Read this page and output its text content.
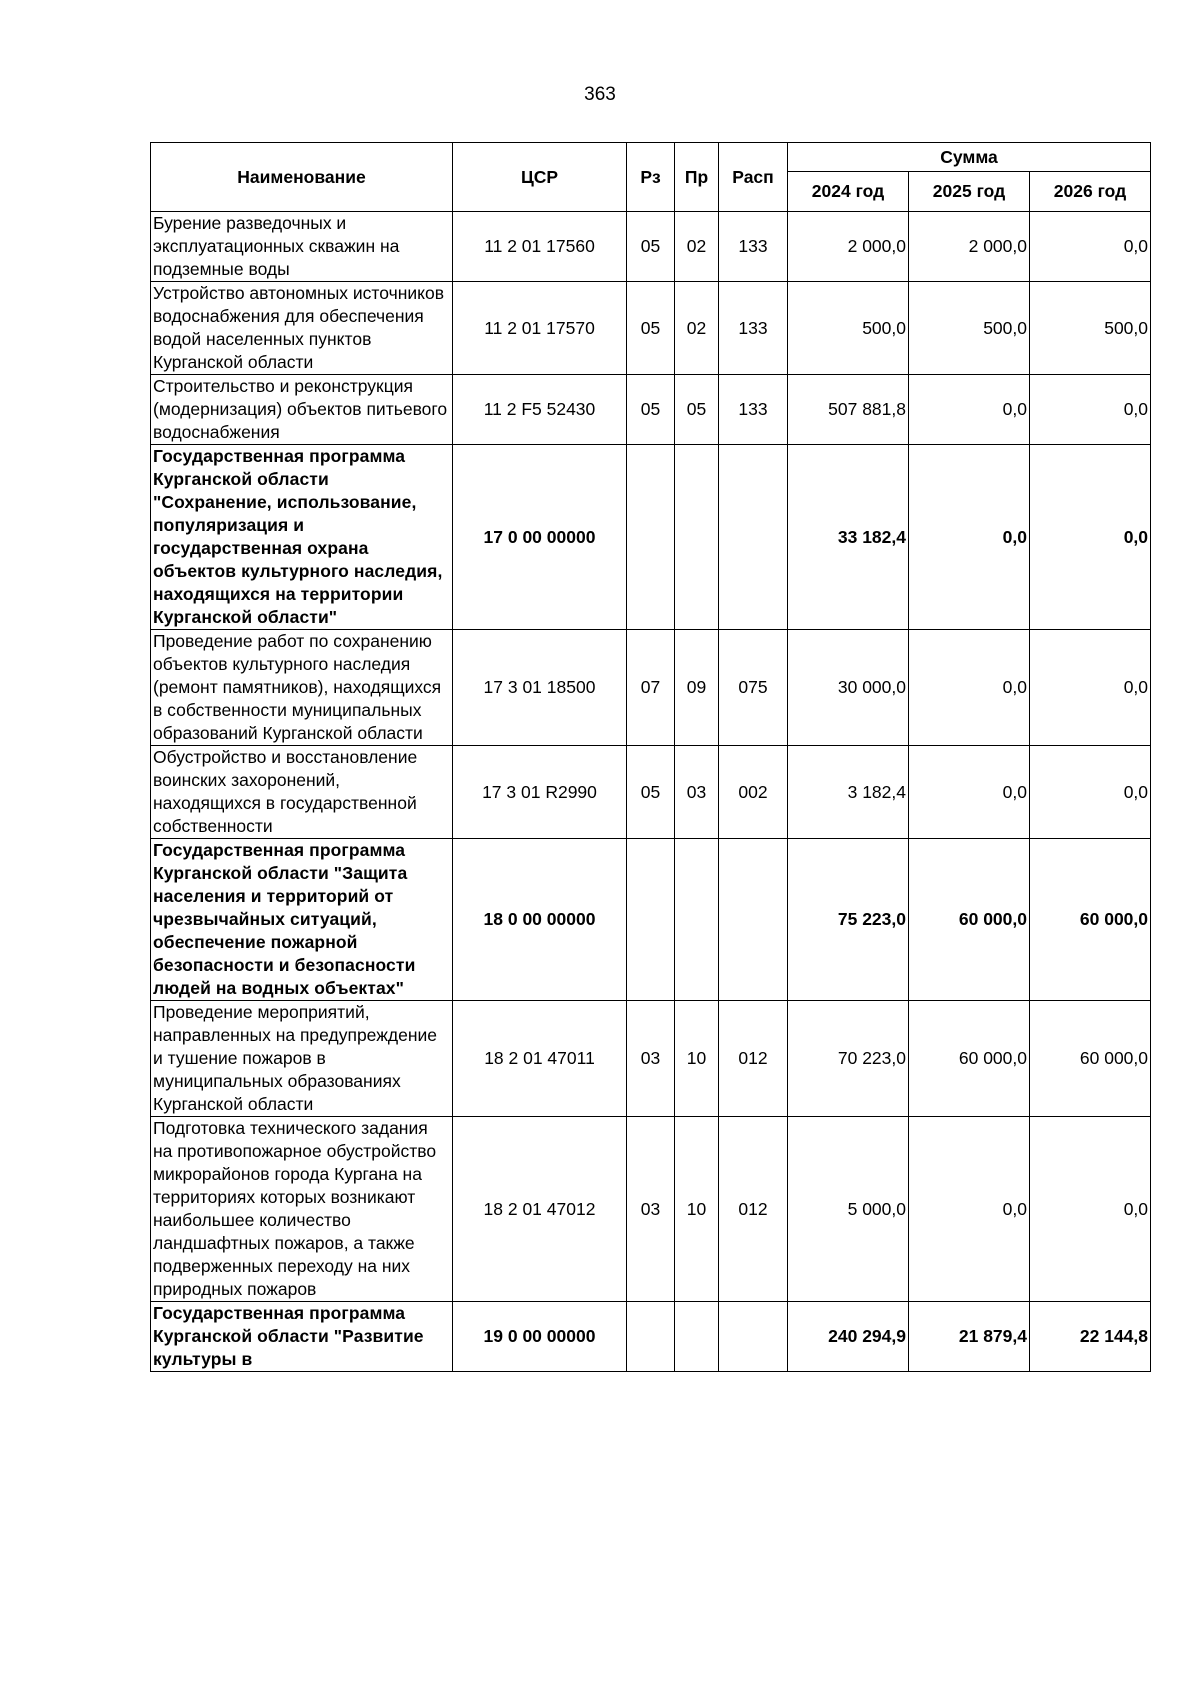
363
Наименование	ЦСР	Рз	Пр	Расп	Сумма		
					2024 год	2025 год	2026 год
Бурение разведочных и эксплуатационных скважин на подземные воды	11 2 01 17560	05	02	133	2 000,0	2 000,0	0,0
Устройство автономных источников водоснабжения для обеспечения водой населенных пунктов Курганской области	11 2 01 17570	05	02	133	500,0	500,0	500,0
Строительство и реконструкция (модернизация) объектов питьевого водоснабжения	11 2 F5 52430	05	05	133	507 881,8	0,0	0,0
Государственная программа Курганской области "Сохранение, использование, популяризация и государственная охрана объектов культурного наследия, находящихся на территории Курганской области"	17 0 00 00000				33 182,4	0,0	0,0
Проведение работ по сохранению объектов культурного наследия (ремонт памятников), находящихся в собственности муниципальных образований Курганской области	17 3 01 18500	07	09	075	30 000,0	0,0	0,0
Обустройство и восстановление воинских захоронений, находящихся в государственной собственности	17 3 01 R2990	05	03	002	3 182,4	0,0	0,0
Государственная программа Курганской области "Защита населения и территорий от чрезвычайных ситуаций, обеспечение пожарной безопасности и безопасности людей на водных объектах"	18 0 00 00000				75 223,0	60 000,0	60 000,0
Проведение мероприятий, направленных на предупреждение и тушение пожаров в муниципальных образованиях Курганской области	18 2 01 47011	03	10	012	70 223,0	60 000,0	60 000,0
Подготовка технического задания на противопожарное обустройство микрорайонов города Кургана на территориях которых возникают наибольшее количество ландшафтных пожаров, а также подверженных переходу на них природных пожаров	18 2 01 47012	03	10	012	5 000,0	0,0	0,0
Государственная программа Курганской области "Развитие культуры в	19 0 00 00000				240 294,9	21 879,4	22 144,8
